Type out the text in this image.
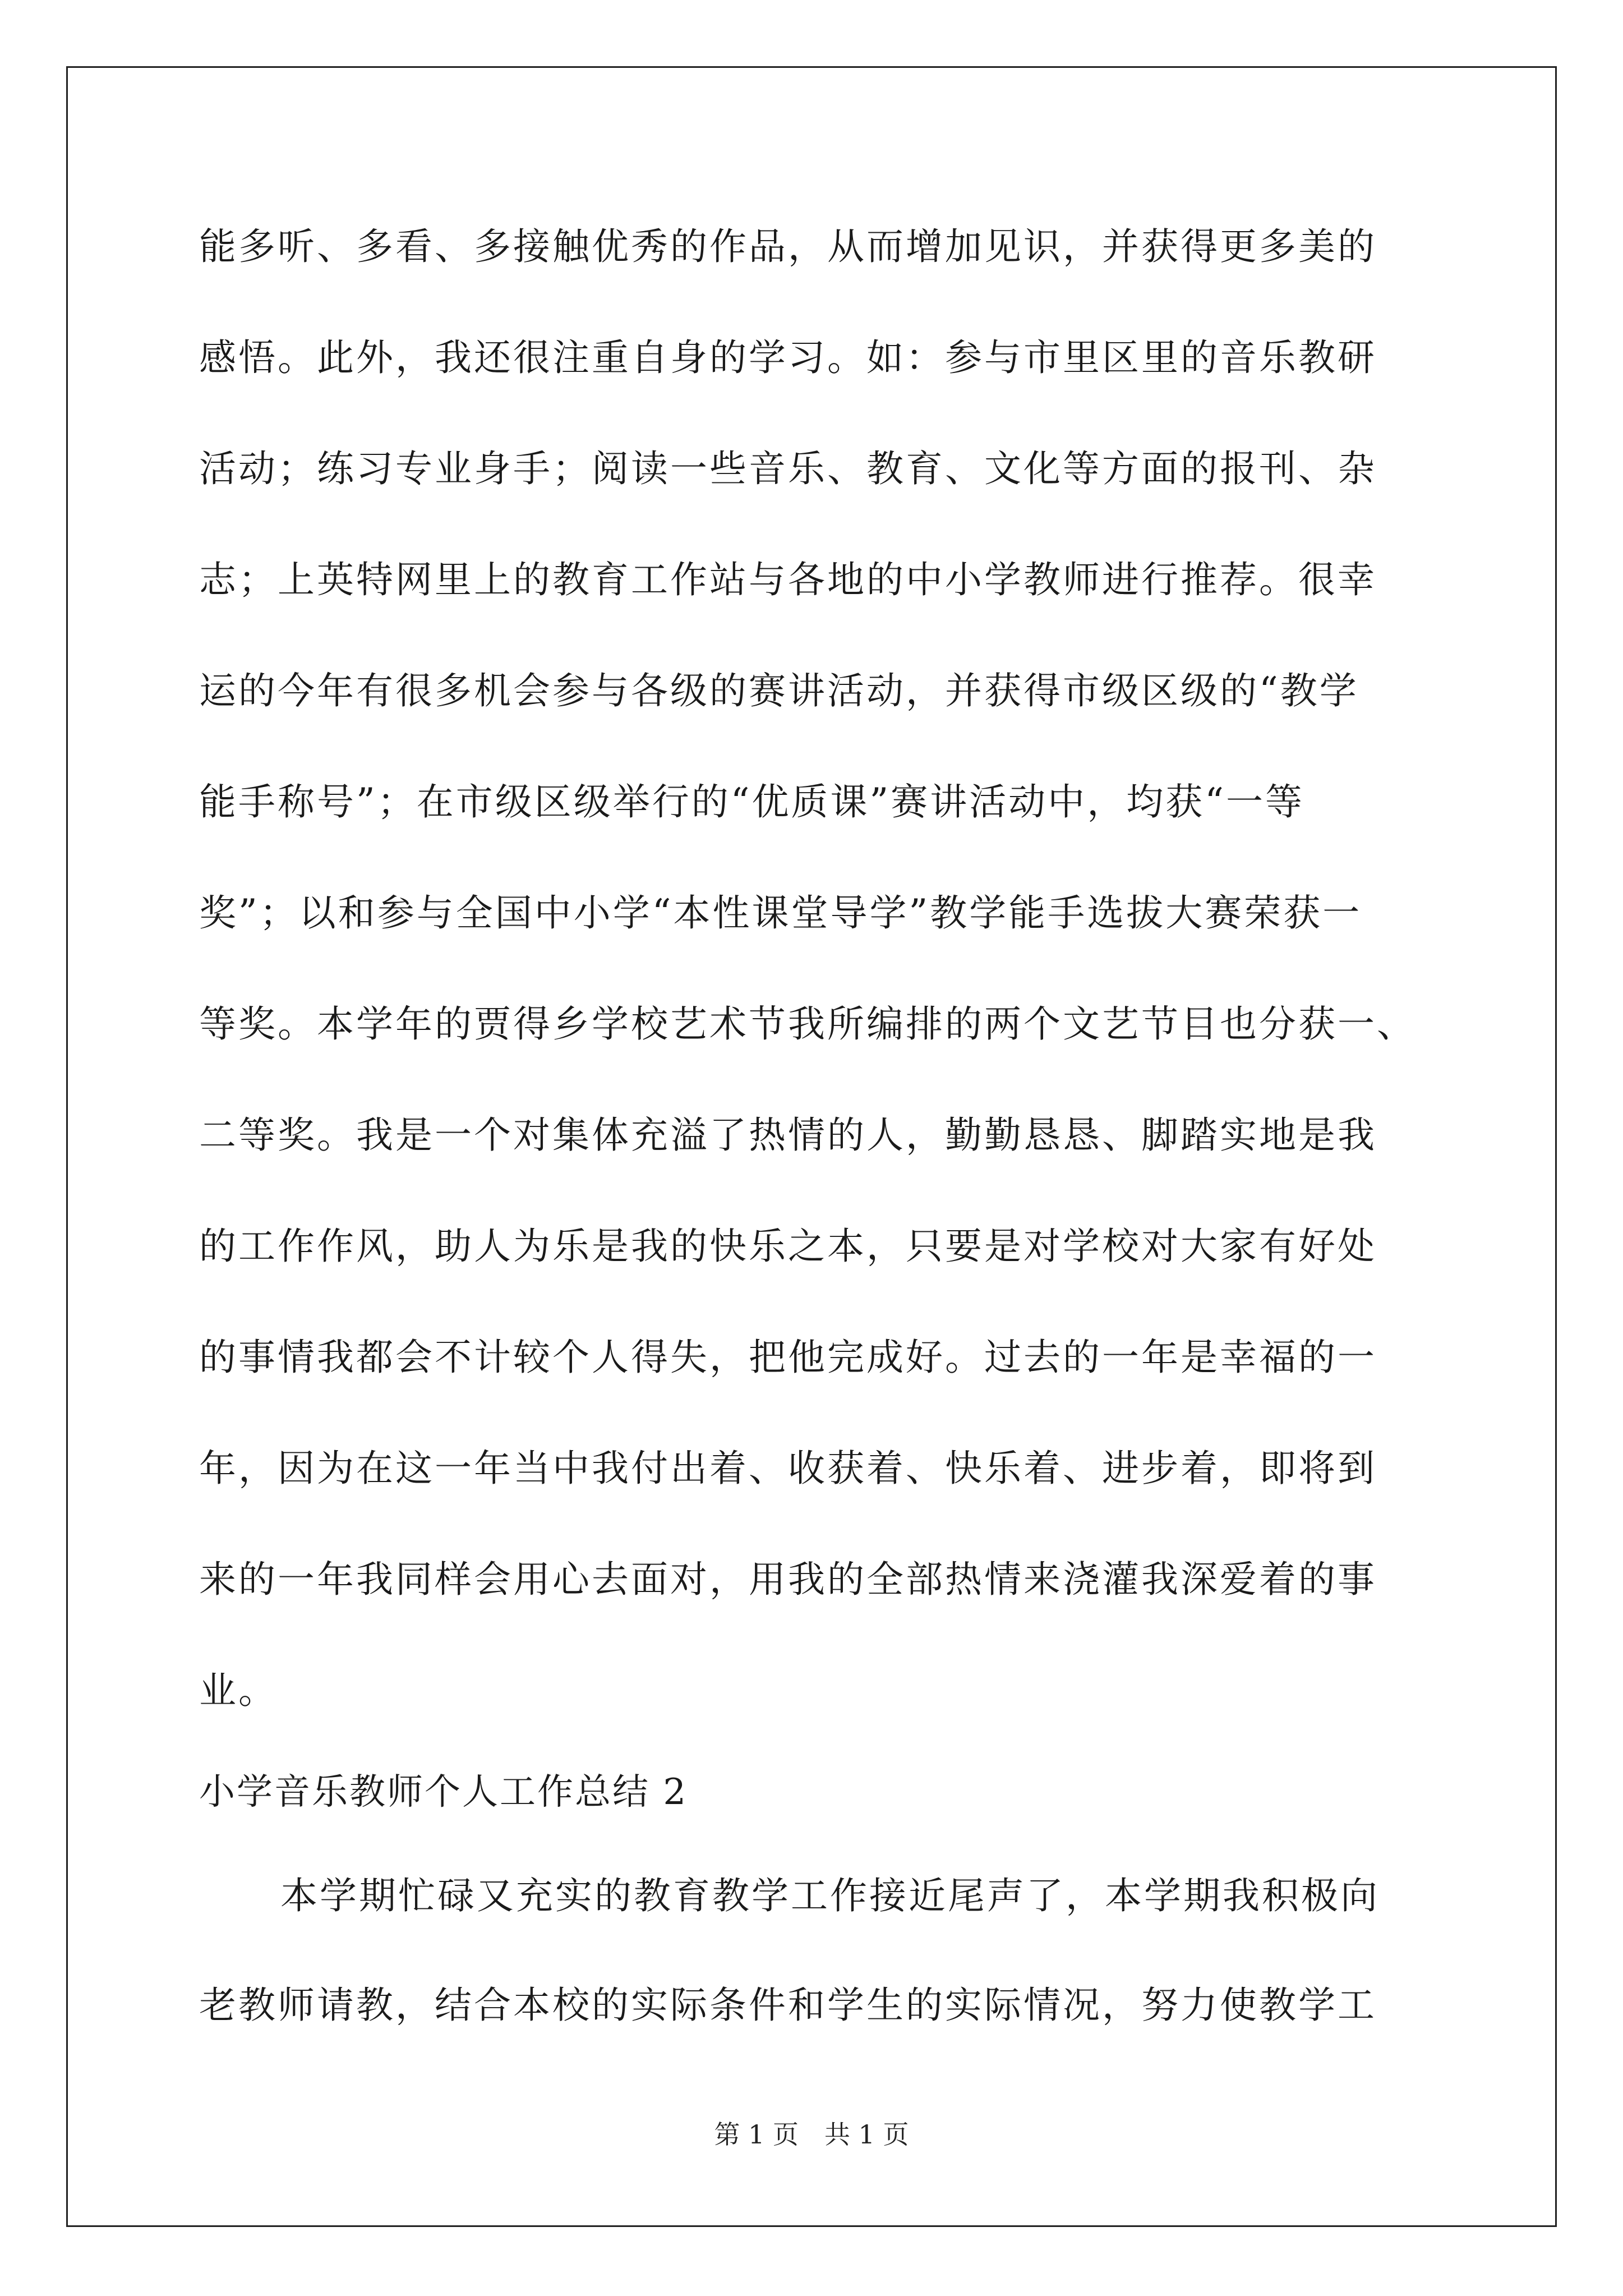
能多听、多看、多接触优秀的作品，从而增加见识，并获得更多美的
感悟。此外，我还很注重自身的学习。如：参与市里区里的音乐教研
活动；练习专业身手；阅读一些音乐、教育、文化等方面的报刊、杂
志；上英特网里上的教育工作站与各地的中小学教师进行推荐。很幸
运的今年有很多机会参与各级的赛讲活动，并获得市级区级的“教学
能手称号”；在市级区级举行的“优质课”赛讲活动中，均获“一等
奖”；以和参与全国中小学“本性课堂导学”教学能手选拔大赛荣获一
等奖。本学年的贾得乡学校艺术节我所编排的两个文艺节目也分获一、
二等奖。我是一个对集体充溢了热情的人，勤勤恳恳、脚踏实地是我
的工作作风，助人为乐是我的快乐之本，只要是对学校对大家有好处
的事情我都会不计较个人得失，把他完成好。过去的一年是幸福的一
年，因为在这一年当中我付出着、收获着、快乐着、进步着，即将到
来的一年我同样会用心去面对，用我的全部热情来浇灌我深爱着的事
业。
小学音乐教师个人工作总结 2
本学期忙碌又充实的教育教学工作接近尾声了，本学期我积极向
老教师请教，结合本校的实际条件和学生的实际情况，努力使教学工
第 1 页　共 1 页
